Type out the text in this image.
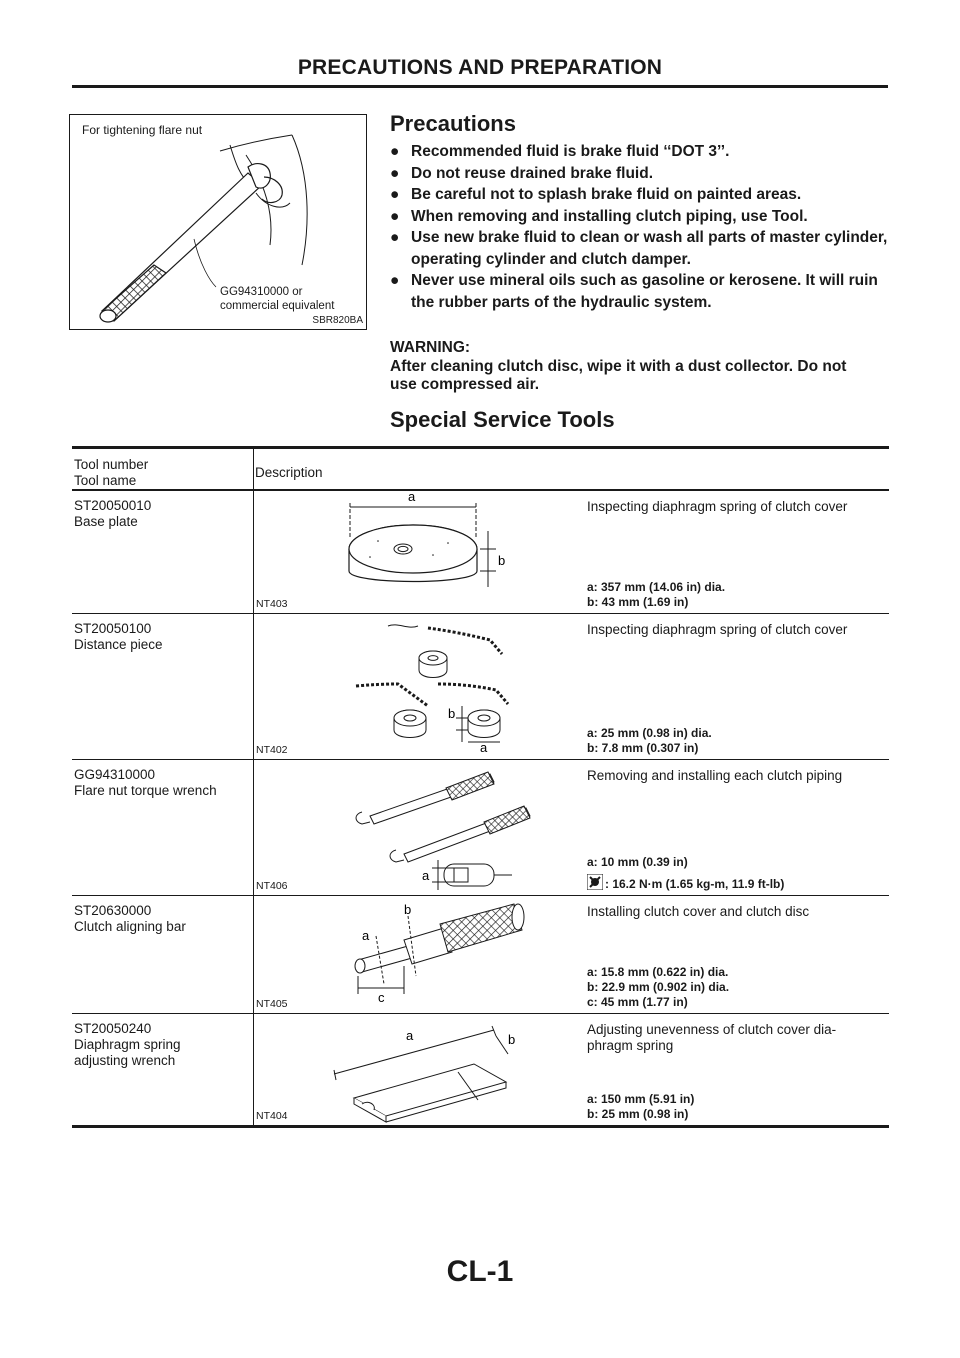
PRECAUTIONS AND PREPARATION
For tightening flare nut
GG94310000 or
commercial equivalent
SBR820BA
Precautions
● Recommended fluid is brake fluid ‘‘DOT 3’’.
● Do not reuse drained brake fluid.
● Be careful not to splash brake fluid on painted areas.
● When removing and installing clutch piping, use Tool.
● Use new brake fluid to clean or wash all parts of master cylinder, operating cylinder and clutch damper.
● Never use mineral oils such as gasoline or kerosene. It will ruin the rubber parts of the hydraulic system.
WARNING:
After cleaning clutch disc, wipe it with a dust collector. Do not
use compressed air.
Special Service Tools
Tool number
Tool name
Description
ST20050010
Base plate
a
b
NT403
Inspecting diaphragm spring of clutch cover
a: 357 mm (14.06 in) dia.
b: 43 mm (1.69 in)
ST20050100
Distance piece
b
a
NT402
Inspecting diaphragm spring of clutch cover
a: 25 mm (0.98 in) dia.
b: 7.8 mm (0.307 in)
GG94310000
Flare nut torque wrench
a
NT406
Removing and installing each clutch piping
a: 10 mm (0.39 in)
: 16.2 N·m (1.65 kg-m, 11.9 ft-lb)
ST20630000
Clutch aligning bar
a
b
c
NT405
Installing clutch cover and clutch disc
a: 15.8 mm (0.622 in) dia.
b: 22.9 mm (0.902 in) dia.
c: 45 mm (1.77 in)
ST20050240
Diaphragm spring
adjusting wrench
a	b
NT404
Adjusting unevenness of clutch cover dia-
phragm spring
a: 150 mm (5.91 in)
b: 25 mm (0.98 in)
CL-1
